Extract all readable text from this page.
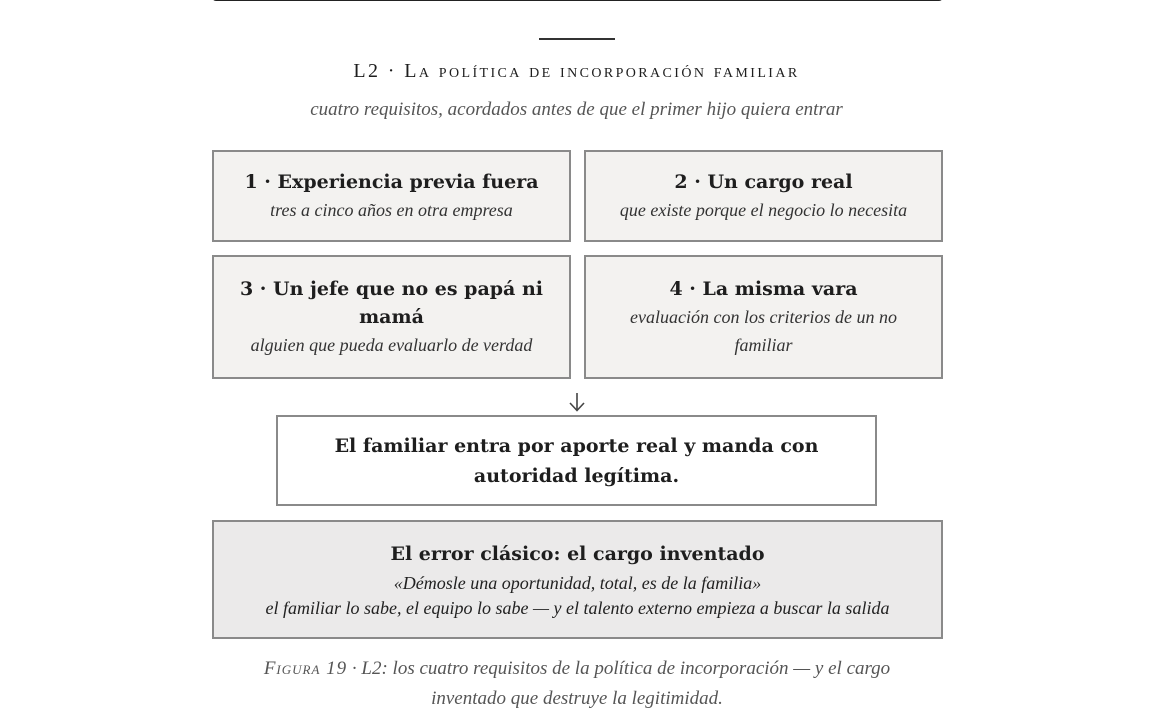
L2 · La política de incorporación familiar
cuatro requisitos, acordados antes de que el primer hijo quiera entrar
1 · Experiencia previa fuera
tres a cinco años en otra empresa
2 · Un cargo real
que existe porque el negocio lo necesita
3 · Un jefe que no es papá ni mamá
alguien que pueda evaluarlo de verdad
4 · La misma vara
evaluación con los criterios de un no familiar
El familiar entra por aporte real y manda con autoridad legítima.
El error clásico: el cargo inventado
«Démosle una oportunidad, total, es de la familia»
el familiar lo sabe, el equipo lo sabe — y el talento externo empieza a buscar la salida
Figura 19 · L2: los cuatro requisitos de la política de incorporación — y el cargo inventado que destruye la legitimidad.
